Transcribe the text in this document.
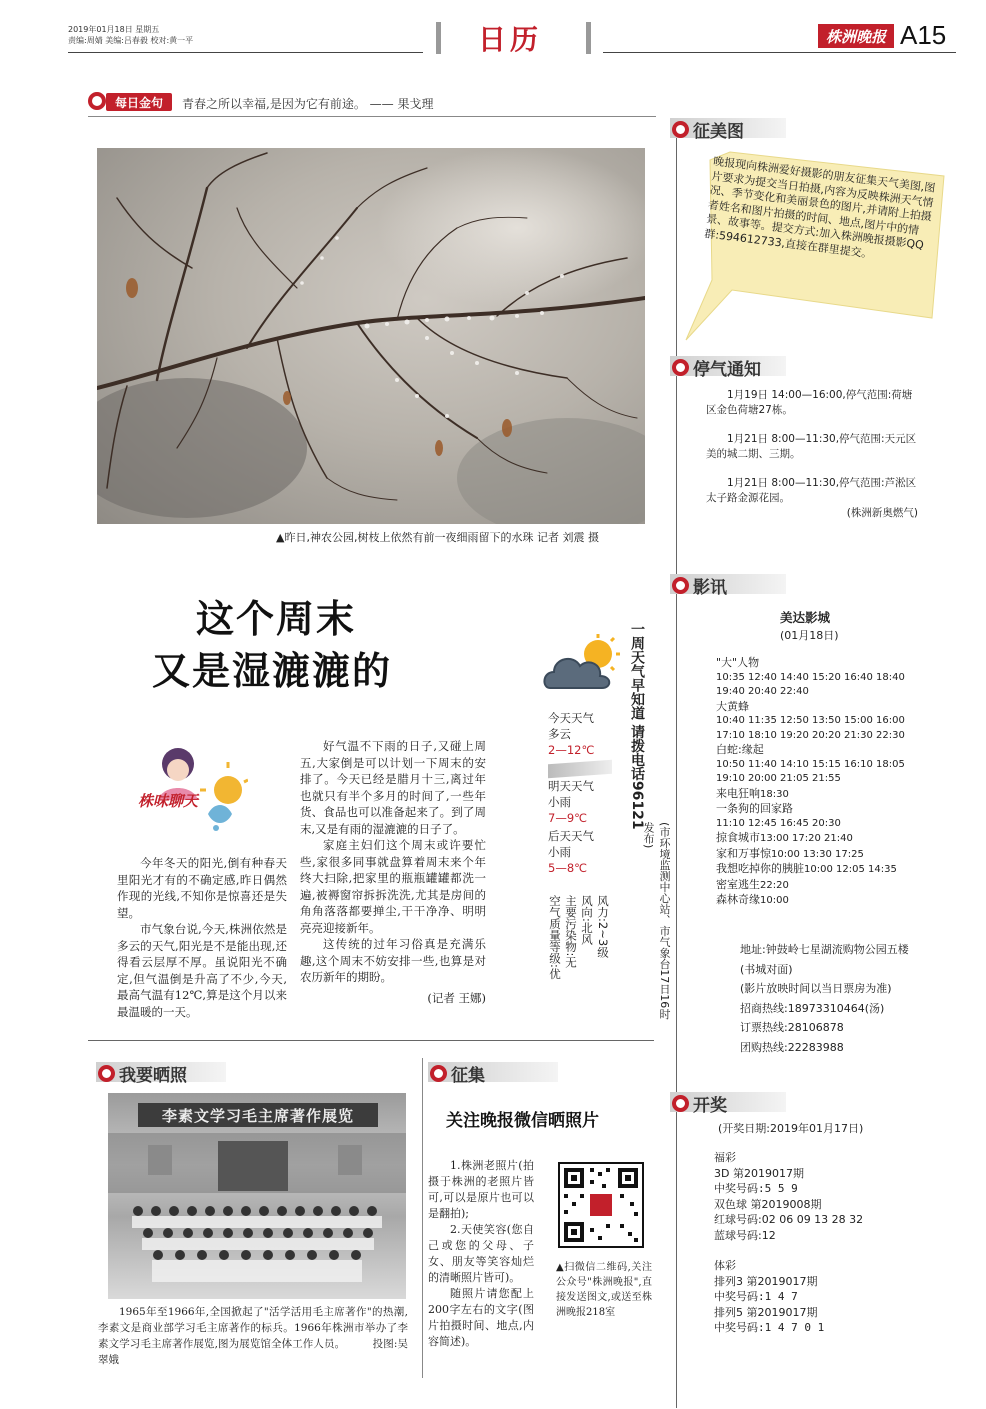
2019年01月18日 星期五
责编:周婧 美编:吕春毅 校对:黄一平	日历	株洲晚报 A15
每日金句	青春之所以幸福,是因为它有前途。 —— 果戈理
▲昨日,神农公园,树枝上依然有前一夜细雨留下的水珠 记者 刘震 摄
这个周末
又是湿漉漉的
株味聊天

今年冬天的阳光,倒有种春天里阳光才有的不确定感,昨日偶然作现的光线,不知你是惊喜还是失望。

市气象台说,今天,株洲依然是多云的天气,阳光是不是能出现,还得看云层厚不厚。虽说阳光不确定,但气温倒是升高了不少,今天,最高气温有12℃,算是这个月以来最温暖的一天。

好气温不下雨的日子,又碰上周五,大家倒是可以计划一下周末的安排了。今天已经是腊月十三,离过年也就只有半个多月的时间了,一些年货、食品也可以准备起来了。到了周末,又是有雨的湿漉漉的日子了。

家庭主妇们这个周末或许要忙些,家很多同事就盘算着周末来个年终大扫除,把家里的瓶瓶罐罐都洗一遍,被褥窗帘拆拆洗洗,尤其是房间的角角落落都要掸尘,干干净净、明明亮亮迎接新年。

这传统的过年习俗真是充满乐趣,这个周末不妨安排一些,也算是对农历新年的期盼。

(记者 王娜)

今天天气
多云
2—12℃
明天天气
小雨
7—9℃
后天天气
小雨
5—8℃
风力:2~3级
风向:北风
主要污染物:无
空气质量等级:优
一周天气早知道 请拨电话96121
(市环境监测中心站、市气象台17日16时发布)
征美图
晚报现向株洲爱好摄影的朋友征集天气美图,图片要求为提交当日拍摄,内容为反映株洲天气情况、季节变化和美丽景色的图片,并请附上拍摄者姓名和图片拍摄的时间、地点,图片中的情景、故事等。提交方式:加入株洲晚报摄影QQ群:594612733,直接在群里提交。
停气通知

1月19日 14:00—16:00,停气范围:荷塘区金色荷塘27栋。

1月21日 8:00—11:30,停气范围:天元区美的城二期、三期。

1月21日 8:00—11:30,停气范围:芦淞区太子路金源花园。

(株洲新奥燃气)

影讯
美达影城
(01月18日)
"大"人物
10:35 12:40 14:40 15:20 16:40 18:40 19:40 20:40 22:40
大黄蜂
10:40 11:35 12:50 13:50 15:00 16:00 17:10 18:10 19:20 20:20 21:30 22:30
白蛇:缘起
10:50 11:40 14:10 15:15 16:10 18:05 19:10 20:00 21:05 21:55
来电狂响18:30
一条狗的回家路
11:10 12:45 16:45 20:30
掠食城市13:00 17:20 21:40
家和万事惊10:00 13:30 17:25
我想吃掉你的胰脏10:00 12:05 14:35
密室逃生22:20
森林奇缘10:00
地址:钟鼓岭七星湖流购物公园五楼(书城对面)
(影片放映时间以当日票房为准)
招商热线:18973310464(汤)
订票热线:28106878
团购热线:22283988
开奖
(开奖日期:2019年01月17日)
福彩
3D 第2019017期
中奖号码:5 5 9
双色球 第2019008期
红球号码:02 06 09 13 28 32
蓝球号码:12
体彩
排列3 第2019017期
中奖号码:1 4 7
排列5 第2019017期
中奖号码:1 4 7 0 1
我要晒照
李素文学习毛主席著作展览
1965年至1966年,全国掀起了"活学活用毛主席著作"的热潮,李素文是商业部学习毛主席著作的标兵。1966年株洲市举办了李素文学习毛主席著作展览,图为展览馆全体工作人员。	投图:吴翠娥
征集
关注晚报微信晒照片

1.株洲老照片(拍摄于株洲的老照片皆可,可以是原片也可以是翻拍);

2.天使笑容(您自己或您的父母、子女、朋友等笑容灿烂的清晰照片皆可)。

随照片请您配上200字左右的文字(图片拍摄时间、地点,内容简述)。

▲扫微信二维码,关注公众号"株洲晚报",直接发送图文,或送至株洲晚报218室
